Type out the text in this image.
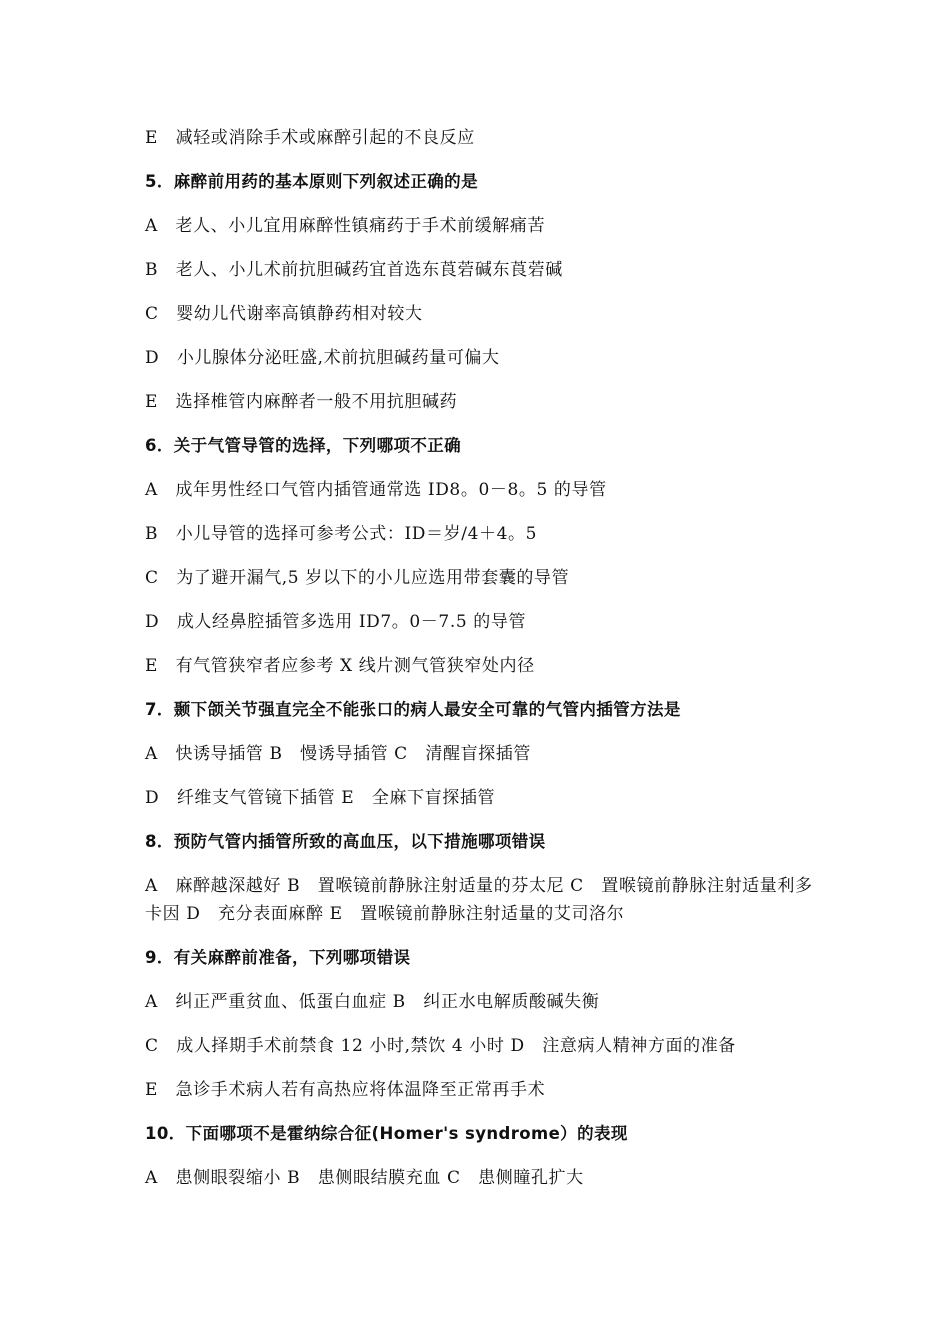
E　减轻或消除手术或麻醉引起的不良反应

5．麻醉前用药的基本原则下列叙述正确的是

A　老人、小儿宜用麻醉性镇痛药于手术前缓解痛苦

B　老人、小儿术前抗胆碱药宜首选东莨菪碱东莨菪碱

C　婴幼儿代谢率高镇静药相对较大

D　小儿腺体分泌旺盛,术前抗胆碱药量可偏大

E　选择椎管内麻醉者一般不用抗胆碱药

6．关于气管导管的选择，下列哪项不正确

A　成年男性经口气管内插管通常选 ID8。0－8。5 的导管

B　小儿导管的选择可参考公式：ID＝岁/4＋4。5

C　为了避开漏气,5 岁以下的小儿应选用带套囊的导管

D　成人经鼻腔插管多选用 ID7。0－7.5 的导管

E　有气管狭窄者应参考 X 线片测气管狭窄处内径

7．颞下颌关节强直完全不能张口的病人最安全可靠的气管内插管方法是

A　快诱导插管 B　慢诱导插管 C　清醒盲探插管

D　纤维支气管镜下插管 E　全麻下盲探插管

8．预防气管内插管所致的高血压，以下措施哪项错误

A　麻醉越深越好 B　置喉镜前静脉注射适量的芬太尼 C　置喉镜前静脉注射适量利多卡因 D　充分表面麻醉 E　置喉镜前静脉注射适量的艾司洛尔

9．有关麻醉前准备，下列哪项错误

A　纠正严重贫血、低蛋白血症 B　纠正水电解质酸碱失衡

C　成人择期手术前禁食 12 小时,禁饮 4 小时 D　注意病人精神方面的准备

E　急诊手术病人若有高热应将体温降至正常再手术

10．下面哪项不是霍纳综合征(Homer's syndrome）的表现

A　患侧眼裂缩小 B　患侧眼结膜充血 C　患侧瞳孔扩大
